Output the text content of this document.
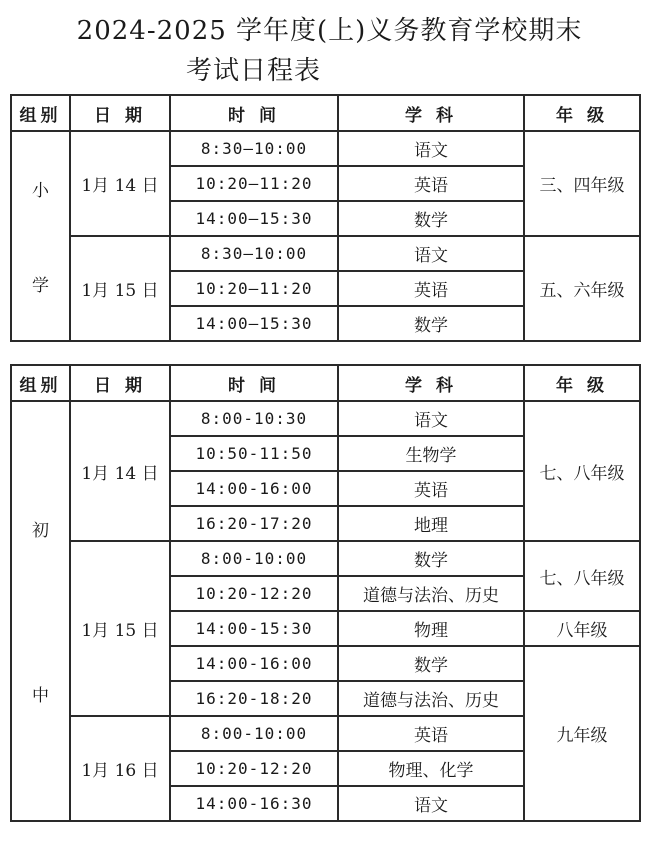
2024-2025 学年度(上)义务教育学校期末
考试日程表
组别	日 期	时 间	学 科	年 级

小
学	1月 14 日	8:30—10:00	语文	三、四年级
		10:20—11:20	英语	
		14:00—15:30	数学	
	1月 15 日	8:30—10:00	语文	五、六年级
		10:20—11:20	英语	
		14:00—15:30	数学	
组别	日 期	时 间	学 科	年 级

初
中	1月 14 日	8:00-10:30	语文	七、八年级
		10:50-11:50	生物学	
		14:00-16:00	英语	
		16:20-17:20	地理	
	1月 15 日	8:00-10:00	数学	七、八年级
		10:20-12:20	道德与法治、历史	
		14:00-15:30	物理	八年级
		14:00-16:00	数学	九年级
		16:20-18:20	道德与法治、历史	
	1月 16 日	8:00-10:00	英语	
		10:20-12:20	物理、化学	
		14:00-16:30	语文	
